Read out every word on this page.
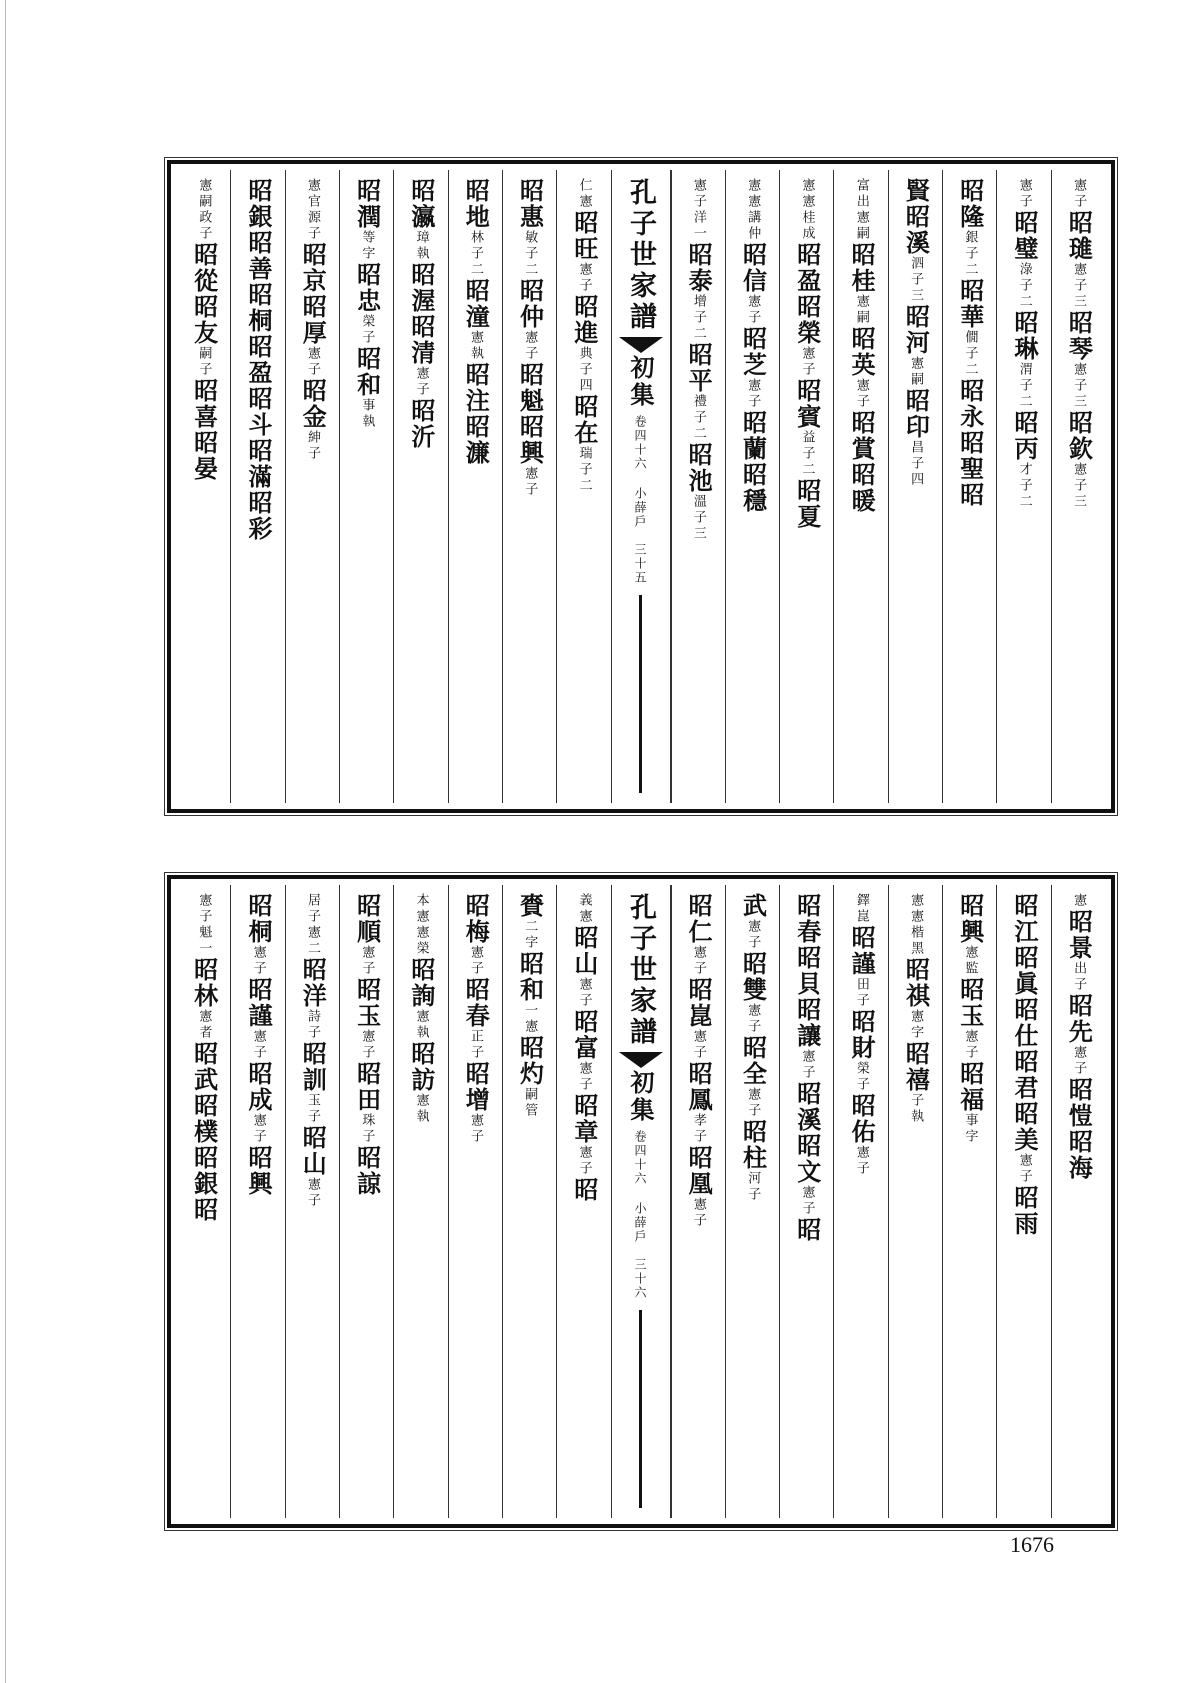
憲子
昭璡
憲子三
昭琴
憲子三
昭欽
憲子三
憲子
昭璧
淥子二
昭琳
渭子二
昭丙
才子二
昭隆
銀子二
昭華
僩子二
昭永
昭聖
昭
賢
昭溪
泗子三
昭河
憲嗣
昭印
昌子四
富出
憲嗣
昭桂
憲嗣
昭英
憲子
昭賞
昭暖
憲憲
桂成
昭盈
昭榮
憲子
昭賓
益子二
昭夏
憲憲
講仲
昭信
憲子
昭芝
憲子
昭蘭
昭穩
憲子
洋一
昭泰
增子二
昭平
禮子二
昭池
溫子三
孔子世家譜
初集
卷四十六 小薛戶
三十五
仁憲
昭旺
憲子
昭進
典子四
昭在
瑞子二
昭惠
敏子二
昭仲
憲子
昭魁
昭興
憲子
昭地
林子二
昭潼
憲執
昭注
昭濂
昭瀛
璋執
昭渥
昭清
憲子
昭沂
昭潤
等字
昭忠
榮子
昭和
事執
憲官
源子
昭京
昭厚
憲子
昭金
紳子
昭銀
昭善
昭桐
昭盈
昭斗
昭滿
昭彩
憲嗣
政子
昭從
昭友
嗣子
昭喜
昭晏
憲
昭景
出子
昭先
憲子
昭愷
昭海
昭江
昭眞
昭仕
昭君
昭美
憲子
昭雨
昭興
憲監
昭玉
憲子
昭福
事字
憲憲
楷黑
昭祺
憲字
昭禧
子執
鐸崑
昭謹
田子
昭財
榮子
昭佑
憲子
昭春
昭貝
昭讓
憲子
昭溪
昭文
憲子
昭
武
憲子
昭雙
憲子
昭全
憲子
昭柱
河子
昭仁
憲子
昭崑
憲子
昭鳳
孝子
昭凰
憲子
孔子世家譜
初集
卷四十六 小薛戶
三十六
義憲
昭山
憲子
昭富
憲子
昭章
憲子
昭
賚
二字
昭和
一憲
昭灼
嗣管
昭梅
憲子
昭春
正子
昭增
憲子
本憲
憲榮
昭詢
憲執
昭訪
憲執
昭順
憲子
昭玉
憲子
昭田
珠子
昭諒
居子
憲二
昭洋
詩子
昭訓
玉子
昭山
憲子
昭桐
憲子
昭謹
憲子
昭成
憲子
昭興
憲子
魁一
昭林
憲者
昭武
昭樸
昭銀
昭
1676
